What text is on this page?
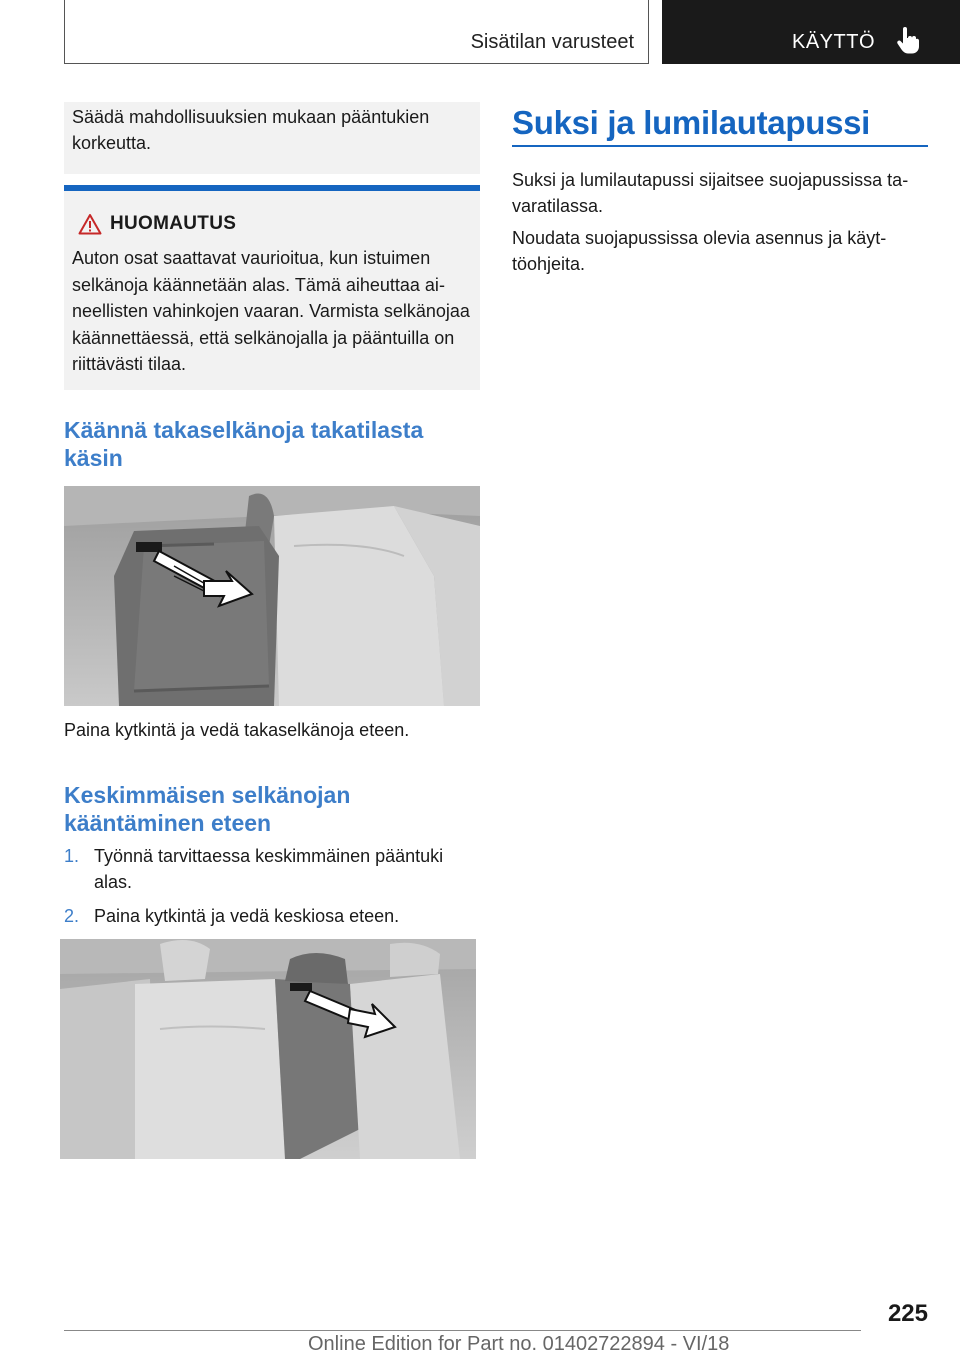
Sisätilan varusteet	KÄYTTÖ
Säädä mahdollisuuksien mukaan pääntukien korkeutta.
HUOMAUTUS
Auton osat saattavat vaurioitua, kun istuimen selkänoja käännetään alas. Tämä aiheuttaa aineellisten vahinkojen vaaran. Varmista selkänojaa käännettäessä, että selkänojalla ja pääntuilla on riittävästi tilaa.
Käännä takaselkänoja takatilasta käsin
Paina kytkintä ja vedä takaselkänoja eteen.
Keskimmäisen selkänojan kääntäminen eteen
1. Työnnä tarvittaessa keskimmäinen pääntuki alas.
2. Paina kytkintä ja vedä keskiosa eteen.
Suksi ja lumilautapussi
Suksi ja lumilautapussi sijaitsee suojapussissa tavaratilassa.
Noudata suojapussissa olevia asennus ja käyttöohjeita.
225
Online Edition for Part no. 01402722894 - VI/18
